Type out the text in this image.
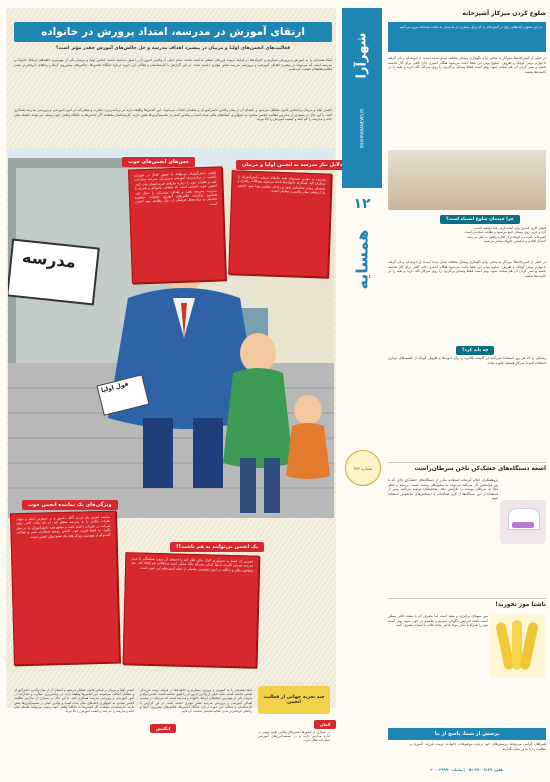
ارتقای آموزش در مدرسه، امتداد پرورش در خانواده
فعالیت‌های انجمن‌های اولیا و مربیان در پیشبرد اهداف مدرسه و حل چالش‌های آموزش چقدر مؤثر است؟
اینکه همه‌چیز را به آموزش و پرورش بسپاریم و خانواده‌ها در فرایند تربیت فرزندان نقشی نداشته باشند، شاید خیلی از والدین امروز آن را قبول نداشته باشند. انجمن اولیا و مربیان یکی از مهم‌ترین حلقه‌های ارتباط خانواده و مدرسه است که می‌تواند در پیشبرد اهداف آموزشی و پرورشی مدرسه نقش مؤثری داشته باشد. در این گزارش با کارشناسان و فعالان این حوزه درباره جایگاه انجمن‌ها، چالش‌های پیش‌روی آن‌ها و راه‌های اثربخش‌تر شدن فعالیت‌هایشان صحبت کرده‌ایم.
انجمن اولیا و مربیان بر اساس قانون تشکیل می‌شود و اعضای آن از میان والدین دانش‌آموزان و معلمان انتخاب می‌شوند. این انجمن‌ها وظیفه دارند در برنامه‌ریزی، نظارت و مشارکت در امور آموزشی و پرورشی مدرسه همکاری کنند. با این حال در بسیاری از مدارس فعالیت انجمن محدود به جمع‌آوری کمک‌های مالی شده است و والدین کمتر در تصمیم‌گیری‌ها نقش دارند. کارشناسان معتقدند اگر انجمن‌ها به جایگاه واقعی خود برسند، می‌توانند فاصله میان خانه و مدرسه را کم کنند و کیفیت آموزش را بالا ببرند.
مدرسه
قول اولیا
حس‌های انجمن‌های خوب
اولیای دانش‌آموزان می‌توانند با حضور فعال در جلسات انجمن، در برنامه‌ریزی آموزشی و پرورشی مدرسه مشارکت کنند و نظرات خود را درباره نیازهای فرزندانشان بیان کنند. انجمن خوب انجمنی است که شفاف، پاسخ‌گو و همراه با مدیریت مدرسه باشد و اهداف مشترکی را دنبال کند. همچنین برگزاری کلاس‌های آموزش خانواده، مشاوره تحصیلی و برنامه‌های فرهنگی از دیگر وظایف مهم انجمن است.
دلایل نیاز مدرسه به انجمن اولیا و مربیان
مدرسه به تنهایی نمی‌تواند همه نیازهای تربیتی دانش‌آموزان را برطرف کند. همکاری خانواده‌ها باعث می‌شود مشکلات رفتاری و تحصیلی زودتر شناسایی شود و راه‌حل مناسب پیدا شود. انجمن پل ارتباطی میان والدین و معلمان است.
ویژگی‌های یک نماینده انجمن خوب
نماینده انجمن باید فردی آگاه، دلسوز و در دسترس باشد و بتواند نظرات والدین را به مدرسه منتقل کند. او باید وقت کافی برای شرکت در جلسات داشته باشد و منافع همه دانش‌آموزان را در نظر بگیرد، نه فقط فرزند خود. داشتن روحیه همکاری، صبر و توانایی گفت‌وگو از مهم‌ترین ویژگی‌های یک عضو مؤثر انجمن است.
یک انجمن بی‌توانند بد هم باشند؟!
انجمنی که فقط به جمع‌آوری کمک مالی فکر کند یا اعضای آن بدون هماهنگی با مدیر مدرسه تصمیم بگیرند، نه‌تنها کمکی نمی‌کند بلکه ممکن است مشکلاتی هم ایجاد کند. نبود شفافیت مالی و دخالت در امور تخصصی معلمان از جمله آسیب‌های این حوزه است.
چند تجربه جهانی از فعالیت انجمن
آلمان
در بسیاری از کشورها انجمن‌های والدین نقش مهمی در اداره مدارس دارند و در تصمیم‌گیری‌های آموزشی مشارکت فعال دارند.
انگلیس
اینکه همه‌چیز را به آموزش و پرورش بسپاریم و خانواده‌ها در فرایند تربیت فرزندان نقشی نداشته باشند، شاید خیلی از والدین امروز آن را قبول نداشته باشند. انجمن اولیا و مربیان یکی از مهم‌ترین حلقه‌های ارتباط خانواده و مدرسه است که می‌تواند در پیشبرد اهداف آموزشی و پرورشی مدرسه نقش مؤثری داشته باشد. در این گزارش با کارشناسان و فعالان این حوزه درباره جایگاه انجمن‌ها، چالش‌های پیش‌روی آن‌ها و راه‌های اثربخش‌تر شدن فعالیت‌هایشان صحبت کرده‌ایم.
انجمن اولیا و مربیان بر اساس قانون تشکیل می‌شود و اعضای آن از میان والدین دانش‌آموزان و معلمان انتخاب می‌شوند. این انجمن‌ها وظیفه دارند در برنامه‌ریزی، نظارت و مشارکت در امور آموزشی و پرورشی مدرسه همکاری کنند. با این حال در بسیاری از مدارس فعالیت انجمن محدود به جمع‌آوری کمک‌های مالی شده است و والدین کمتر در تصمیم‌گیری‌ها نقش دارند. کارشناسان معتقدند اگر انجمن‌ها به جایگاه واقعی خود برسند، می‌توانند فاصله میان خانه و مدرسه را کم کنند و کیفیت آموزش را بالا ببرند.
شهرآرا
SHAHRARANEWS.IR
۱۲
همسایه
شماره ۳۷۲
شلوغ کردن میزکار آشپزخانه
در این ستون، ایده‌های رایج در آشپزخانه را که برای بسیاری از ما تبدیل به عادت شده‌اند مرور می‌کنیم.
در خیلی از آشپزخانه‌ها، میزکار به محلی برای نگهداری وسایل مختلف تبدیل شده است؛ از ادویه‌دان و نان گرفته تا لوازم برقی کوچک و ظروف. شلوغ بودن این فضا باعث می‌شود هنگام آشپزی جای کافی برای کار نداشته باشید و تمیز کردن آن هم سخت شود. بهتر است فقط وسایل پرکاربرد را روی میزکار نگه دارید و بقیه را در کابینت‌ها بچینید.
چرا چیدمان شلوغ اشتباه است؟
▪ فضای کاری کمتری برای آماده کردن غذا خواهید داشت.
▪ گرد و چربی روی وسایل جمع می‌شود و نظافت سخت‌تر است.
▪ آشپزخانه نامرتب و کوچک‌تر از اندازه واقعی به نظر می‌رسد.
▪ احتمال افتادن و شکستن ظروف بیشتر می‌شود.
در خیلی از آشپزخانه‌ها، میزکار به محلی برای نگهداری وسایل مختلف تبدیل شده است؛ از ادویه‌دان و نان گرفته تا لوازم برقی کوچک و ظروف. شلوغ بودن این فضا باعث می‌شود هنگام آشپزی جای کافی برای کار نداشته باشید و تمیز کردن آن هم سخت شود. بهتر است فقط وسایل پرکاربرد را روی میزکار نگه دارید و بقیه را در کابینت‌ها بچینید.
چه باید کرد؟
وسایلی را که هر روز استفاده نمی‌کنید در کابینت بگذارید و برای ادویه‌ها و ظروف کوچک از قفسه‌های دیواری استفاده کنید تا میزکار همیشه خلوت بماند.
اشعه دستگاه‌های خشک‌کن ناخن سرطان‌زاست
پژوهشگران اعلام کرده‌اند استفاده مکرر از دستگاه‌های خشک‌کن ناخن که با نور فرابنفش کار می‌کنند می‌تواند به سلول‌های پوست آسیب برساند و خطر ابتلا به سرطان پوست را افزایش دهد. متخصصان توصیه می‌کنند پیش از استفاده از این دستگاه‌ها از کرم ضدآفتاب یا دستکش‌های مخصوص استفاده شود.
ناشتا موز نخورید!
موز میوه‌ای پرانرژی و مفید است اما مصرف آن با معده خالی ممکن است باعث افزایش ناگهانی منیزیم و پتاسیم در خون شود. بهتر است موز را همراه با سایر مواد غذایی مانند غلات یا لبنیات مصرف کنید.
پرسش از شما، پاسخ از ما
همراهان گرامی می‌توانند پرسش‌های خود درباره موضوعات خانواده، تربیت فرزند، آشپزی و سلامت را با ما در میان بگذارند.
تلفن: ۳۷۰۰۹۱۳۹-۰۵۱ | پیامک: ۳۰۰۰۲۹۹۹۰
